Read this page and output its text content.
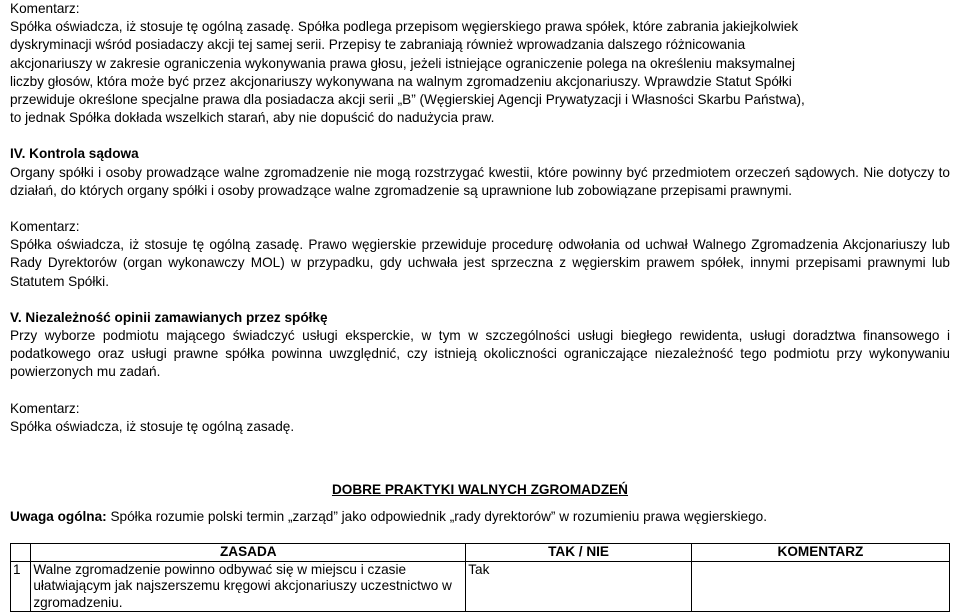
Komentarz:

Spółka oświadcza, iż stosuje tę ogólną zasadę. Spółka podlega przepisom węgierskiego prawa spółek, które zabrania jakiejkolwiek

dyskryminacji wśród posiadaczy akcji tej samej serii. Przepisy te zabraniają również wprowadzania dalszego różnicowania

akcjonariuszy w zakresie ograniczenia wykonywania prawa głosu, jeżeli istniejące ograniczenie polega na określeniu maksymalnej

liczby głosów, która może być przez akcjonariuszy wykonywana na walnym zgromadzeniu akcjonariuszy. Wprawdzie Statut Spółki

przewiduje określone specjalne prawa dla posiadacza akcji serii „B” (Węgierskiej Agencji Prywatyzacji i Własności Skarbu Państwa),

to jednak Spółka dokłada wszelkich starań, aby nie dopuścić do nadużycia praw.

IV. Kontrola sądowa

Organy spółki i osoby prowadzące walne zgromadzenie nie mogą rozstrzygać kwestii, które powinny być przedmiotem orzeczeń sądowych. Nie dotyczy to działań, do których organy spółki i osoby prowadzące walne zgromadzenie są uprawnione lub zobowiązane przepisami prawnymi.

Komentarz:

Spółka oświadcza, iż stosuje tę ogólną zasadę. Prawo węgierskie przewiduje procedurę odwołania od uchwał Walnego Zgromadzenia Akcjonariuszy lub Rady Dyrektorów (organ wykonawczy MOL) w przypadku, gdy uchwała jest sprzeczna z węgierskim prawem spółek, innymi przepisami prawnymi lub Statutem Spółki.

V. Niezależność opinii zamawianych przez spółkę

Przy wyborze podmiotu mającego świadczyć usługi eksperckie, w tym w szczególności usługi biegłego rewidenta, usługi doradztwa finansowego i podatkowego oraz usługi prawne spółka powinna uwzględnić, czy istnieją okoliczności ograniczające niezależność tego podmiotu przy wykonywaniu powierzonych mu zadań.

Komentarz:

Spółka oświadcza, iż stosuje tę ogólną zasadę.

DOBRE PRAKTYKI WALNYCH ZGROMADZEŃ

Uwaga ogólna: Spółka rozumie polski termin „zarząd” jako odpowiednik „rady dyrektorów” w rozumieniu prawa węgierskiego.

	ZASADA	TAK / NIE	KOMENTARZ
1	Walne zgromadzenie powinno odbywać się w miejscu i czasie ułatwiającym jak najszerszemu kręgowi akcjonariuszy uczestnictwo w zgromadzeniu.	Tak	
